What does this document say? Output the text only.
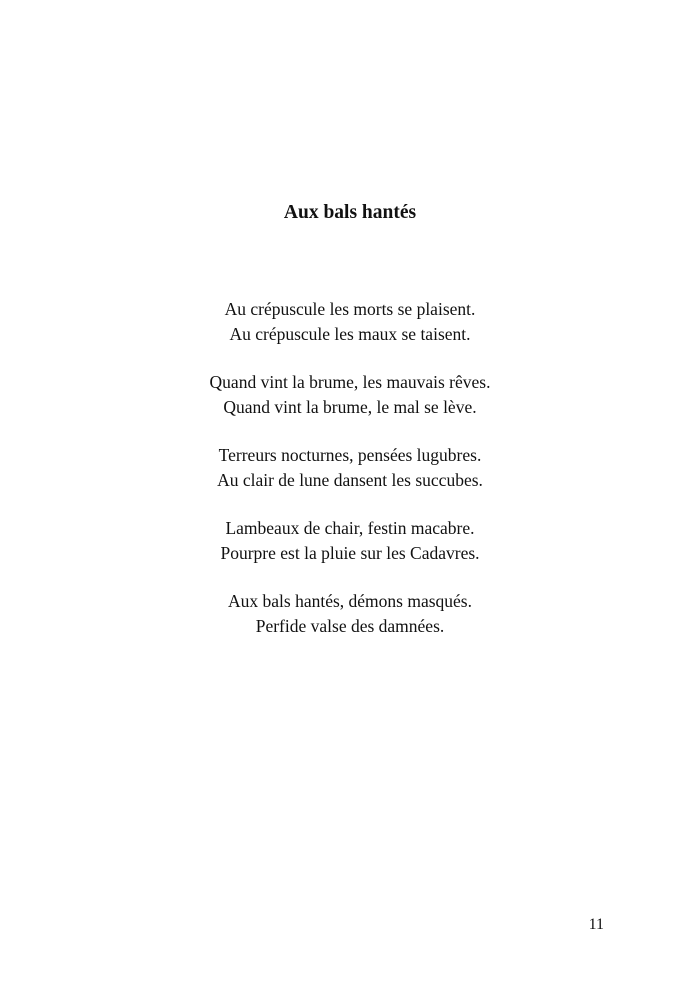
Aux bals hantés
Au crépuscule les morts se plaisent.
Au crépuscule les maux se taisent.
Quand vint la brume, les mauvais rêves.
Quand vint la brume, le mal se lève.
Terreurs nocturnes, pensées lugubres.
Au clair de lune dansent les succubes.
Lambeaux de chair, festin macabre.
Pourpre est la pluie sur les Cadavres.
Aux bals hantés, démons masqués.
Perfide valse des damnées.
11
